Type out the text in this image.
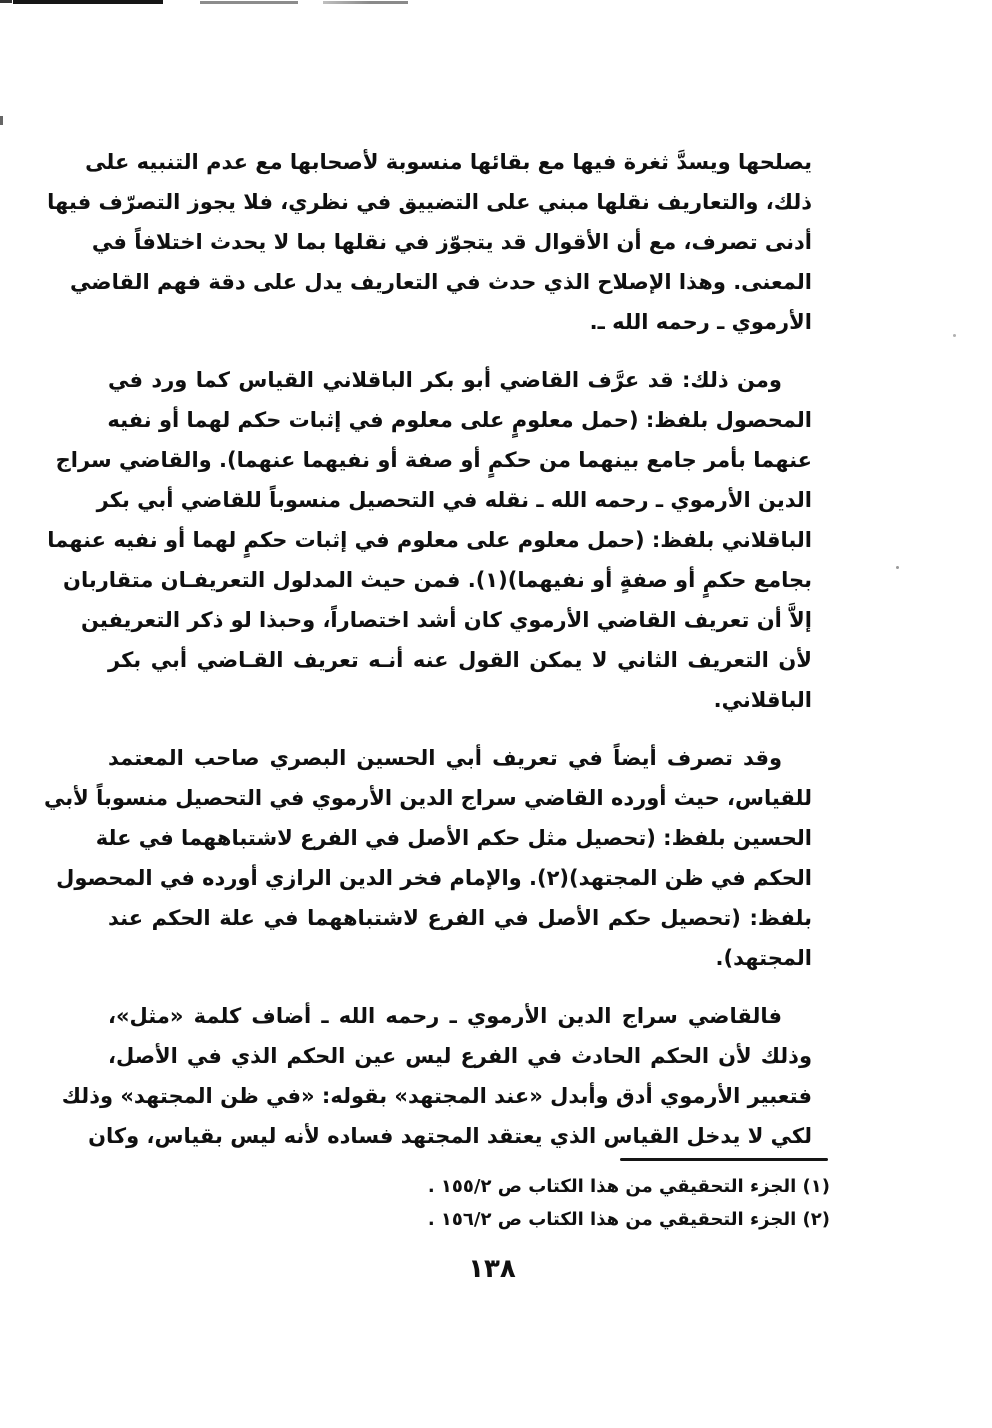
يصلحها ويسدَّ ثغرة فيها مع بقائها منسوبة لأصحابها مع عدم التنبيه على
ذلك، والتعاريف نقلها مبني على التضييق في نظري، فلا يجوز التصرّف فيها
أدنى تصرف، مع أن الأقوال قد يتجوّز في نقلها بما لا يحدث اختلافاً في
المعنى. وهذا الإصلاح الذي حدث في التعاريف يدل على دقة فهم القاضي
الأرموي ـ رحمه الله ـ.
ومن ذلك: قد عرَّف القاضي أبو بكر الباقلاني القياس كما ورد في
المحصول بلفظ: (حمل معلومٍ على معلوم في إثبات حكم لهما أو نفيه
عنهما بأمر جامع بينهما من حكمٍ أو صفة أو نفيهما عنهما). والقاضي سراج
الدين الأرموي ـ رحمه الله ـ نقله في التحصيل منسوباً للقاضي أبي بكر
الباقلاني بلفظ: (حمل معلوم على معلوم في إثبات حكمٍ لهما أو نفيه عنهما
بجامع حكمٍ أو صفةٍ أو نفيهما)(١). فمن حيث المدلول التعريفـان متقاربان
إلاَّ أن تعريف القاضي الأرموي كان أشد اختصاراً، وحبذا لو ذكر التعريفين
لأن التعريف الثاني لا يمكن القول عنه أنـه تعريف القـاضي أبي بكر
الباقلاني.
وقد تصرف أيضاً في تعريف أبي الحسين البصري صاحب المعتمد
للقياس، حيث أورده القاضي سراج الدين الأرموي في التحصيل منسوباً لأبي
الحسين بلفظ: (تحصيل مثل حكم الأصل في الفرع لاشتباههما في علة
الحكم في ظن المجتهد)(٢). والإمام فخر الدين الرازي أورده في المحصول
بلفظ: (تحصيل حكم الأصل في الفرع لاشتباههما في علة الحكم عند
المجتهد).
فالقاضي سراج الدين الأرموي ـ رحمه الله ـ أضاف كلمة «مثل»،
وذلك لأن الحكم الحادث في الفرع ليس عين الحكم الذي في الأصل،
فتعبير الأرموي أدق وأبدل «عند المجتهد» بقوله: «في ظن المجتهد» وذلك
لكي لا يدخل القياس الذي يعتقد المجتهد فساده لأنه ليس بقياس، وكان
(١) الجزء التحقيقي من هذا الكتاب ص ١٥٥/٢ .
(٢) الجزء التحقيقي من هذا الكتاب ص ١٥٦/٢ .
١٣٨
